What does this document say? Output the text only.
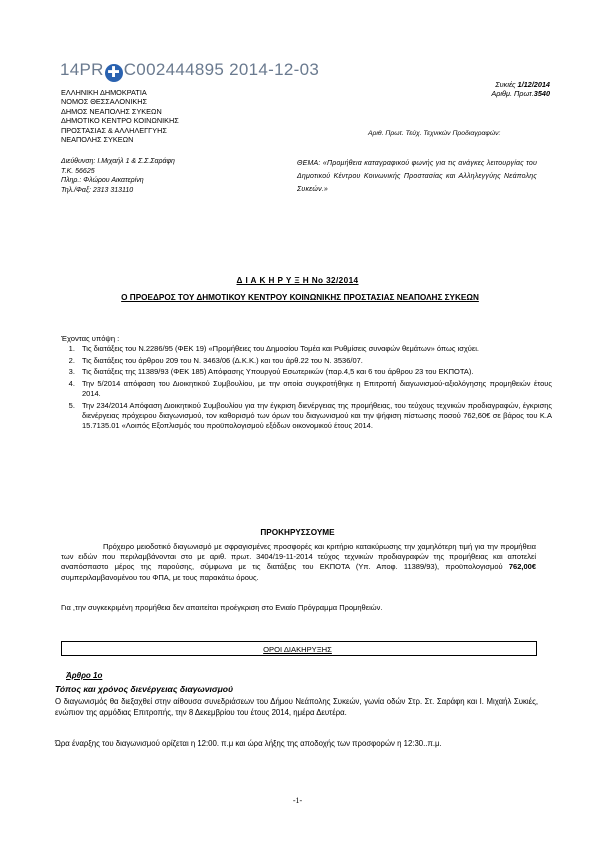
14PR ✚ C002444895 2014-12-03
ΕΛΛΗΝΙΚΗ ΔΗΜΟΚΡΑΤΙΑ
ΝΟΜΟΣ ΘΕΣΣΑΛΟΝΙΚΗΣ
ΔΗΜΟΣ ΝΕΑΠΟΛΗΣ ΣΥΚΕΩΝ
ΔΗΜΟΤΙΚΟ ΚΕΝΤΡΟ ΚΟΙΝΩΝΙΚΗΣ
ΠΡΟΣΤΑΣΙΑΣ & ΑΛΛΗΛΕΓΓΥΗΣ
ΝΕΑΠΟΛΗΣ ΣΥΚΕΩΝ
Διεύθυνση: Ι.Μιχαήλ 1 & Σ.Σ.Σαράφη
Τ.Κ. 56625
Πληρ.: Φλώρου Αικατερίνη
Τηλ./Φαξ: 2313 313110
Συκιές 1/12/2014
Αριθμ. Πρωτ.3540
Αριθ. Πρωτ. Τεύχ. Τεχνικών Προδιαγραφών:
ΘΕΜΑ: «Προμήθεια καταγραφικού φωνής για τις ανάγκες λειτουργίας του Δημοτικού Κέντρου Κοινωνικής Προστασίας και Αλληλεγγύης Νεάπολης Συκεών.»
Δ Ι Α Κ Η Ρ Υ Ξ Η Νο 32/2014
Ο ΠΡΟΕΔΡΟΣ ΤΟΥ ΔΗΜΟΤΙΚΟΥ ΚΕΝΤΡΟΥ ΚΟΙΝΩΝΙΚΗΣ ΠΡΟΣΤΑΣΙΑΣ ΝΕΑΠΟΛΗΣ ΣΥΚΕΩΝ
Έχοντας υπόψη :
1. Τις διατάξεις του Ν.2286/95 (ΦΕΚ 19) «Προμήθειες του Δημοσίου Τομέα και Ρυθμίσεις συναφών θεμάτων» όπως ισχύει.
2. Τις διατάξεις του άρθρου 209 του Ν. 3463/06 (Δ.Κ.Κ.) και του άρθ.22 του Ν. 3536/07.
3. Τις διατάξεις της 11389/93 (ΦΕΚ 185) Απόφασης Υπουργού Εσωτερικών (παρ.4,5 και 6 του άρθρου 23 του ΕΚΠΟΤΑ).
4. Την 5/2014 απόφαση του Διοικητικού Συμβουλίου, με την οποία συγκροτήθηκε η Επιτροπή διαγωνισμού-αξιολόγησης προμηθειών έτους 2014.
5. Την 234/2014 Απόφαση Διοικητικού Συμβουλίου για την έγκριση διενέργειας της προμήθειας, του τεύχους τεχνικών προδιαγραφών, έγκρισης διενέργειας πρόχειρου διαγωνισμού, τον καθορισμό των όρων του διαγωνισμού και την ψήφιση πίστωσης ποσού 762,60€ σε βάρος του Κ.Α 15.7135.01 «Λοιπός Εξοπλισμός του προϋπολογισμού εξόδων οικονομικού έτους 2014.
ΠΡΟΚΗΡΥΣΣΟΥΜΕ
Πρόχειρο μειοδοτικό διαγωνισμό με σφραγισμένες προσφορές και κριτήριο κατακύρωσης την χαμηλότερη τιμή για την προμήθεια των ειδών που περιλαμβάνονται στο με αριθ. πρωτ. 3404/19-11-2014 τεύχος τεχνικών προδιαγραφών της προμήθειας και αποτελεί αναπόσπαστο μέρος της παρούσης, σύμφωνα με τις διατάξεις του ΕΚΠΟΤΑ (Υπ. Αποφ. 11389/93), προϋπολογισμού 762,00€ συμπεριλαμβανομένου του ΦΠΑ, με τους παρακάτω όρους.
Για ,την συγκεκριμένη προμήθεια δεν απαιτείται προέγκριση στο Ενιαίο Πρόγραμμα Προμηθειών.
ΟΡΟΙ ΔΙΑΚΗΡΥΞΗΣ
Άρθρο 1ο
Τόπος και χρόνος διενέργειας διαγωνισμού
Ο διαγωνισμός θα διεξαχθεί στην αίθουσα συνεδριάσεων του Δήμου Νεάπολης Συκεών, γωνία οδών Στρ. Στ. Σαράφη και Ι. Μιχαήλ Συκιές, ενώπιον της αρμόδιας Επιτροπής, την 8 Δεκεμβρίου του έτους 2014, ημέρα Δευτέρα.
Ώρα έναρξης του διαγωνισμού ορίζεται η 12:00. π.μ και ώρα λήξης της αποδοχής των προσφορών η 12:30..π.μ.
-1-
